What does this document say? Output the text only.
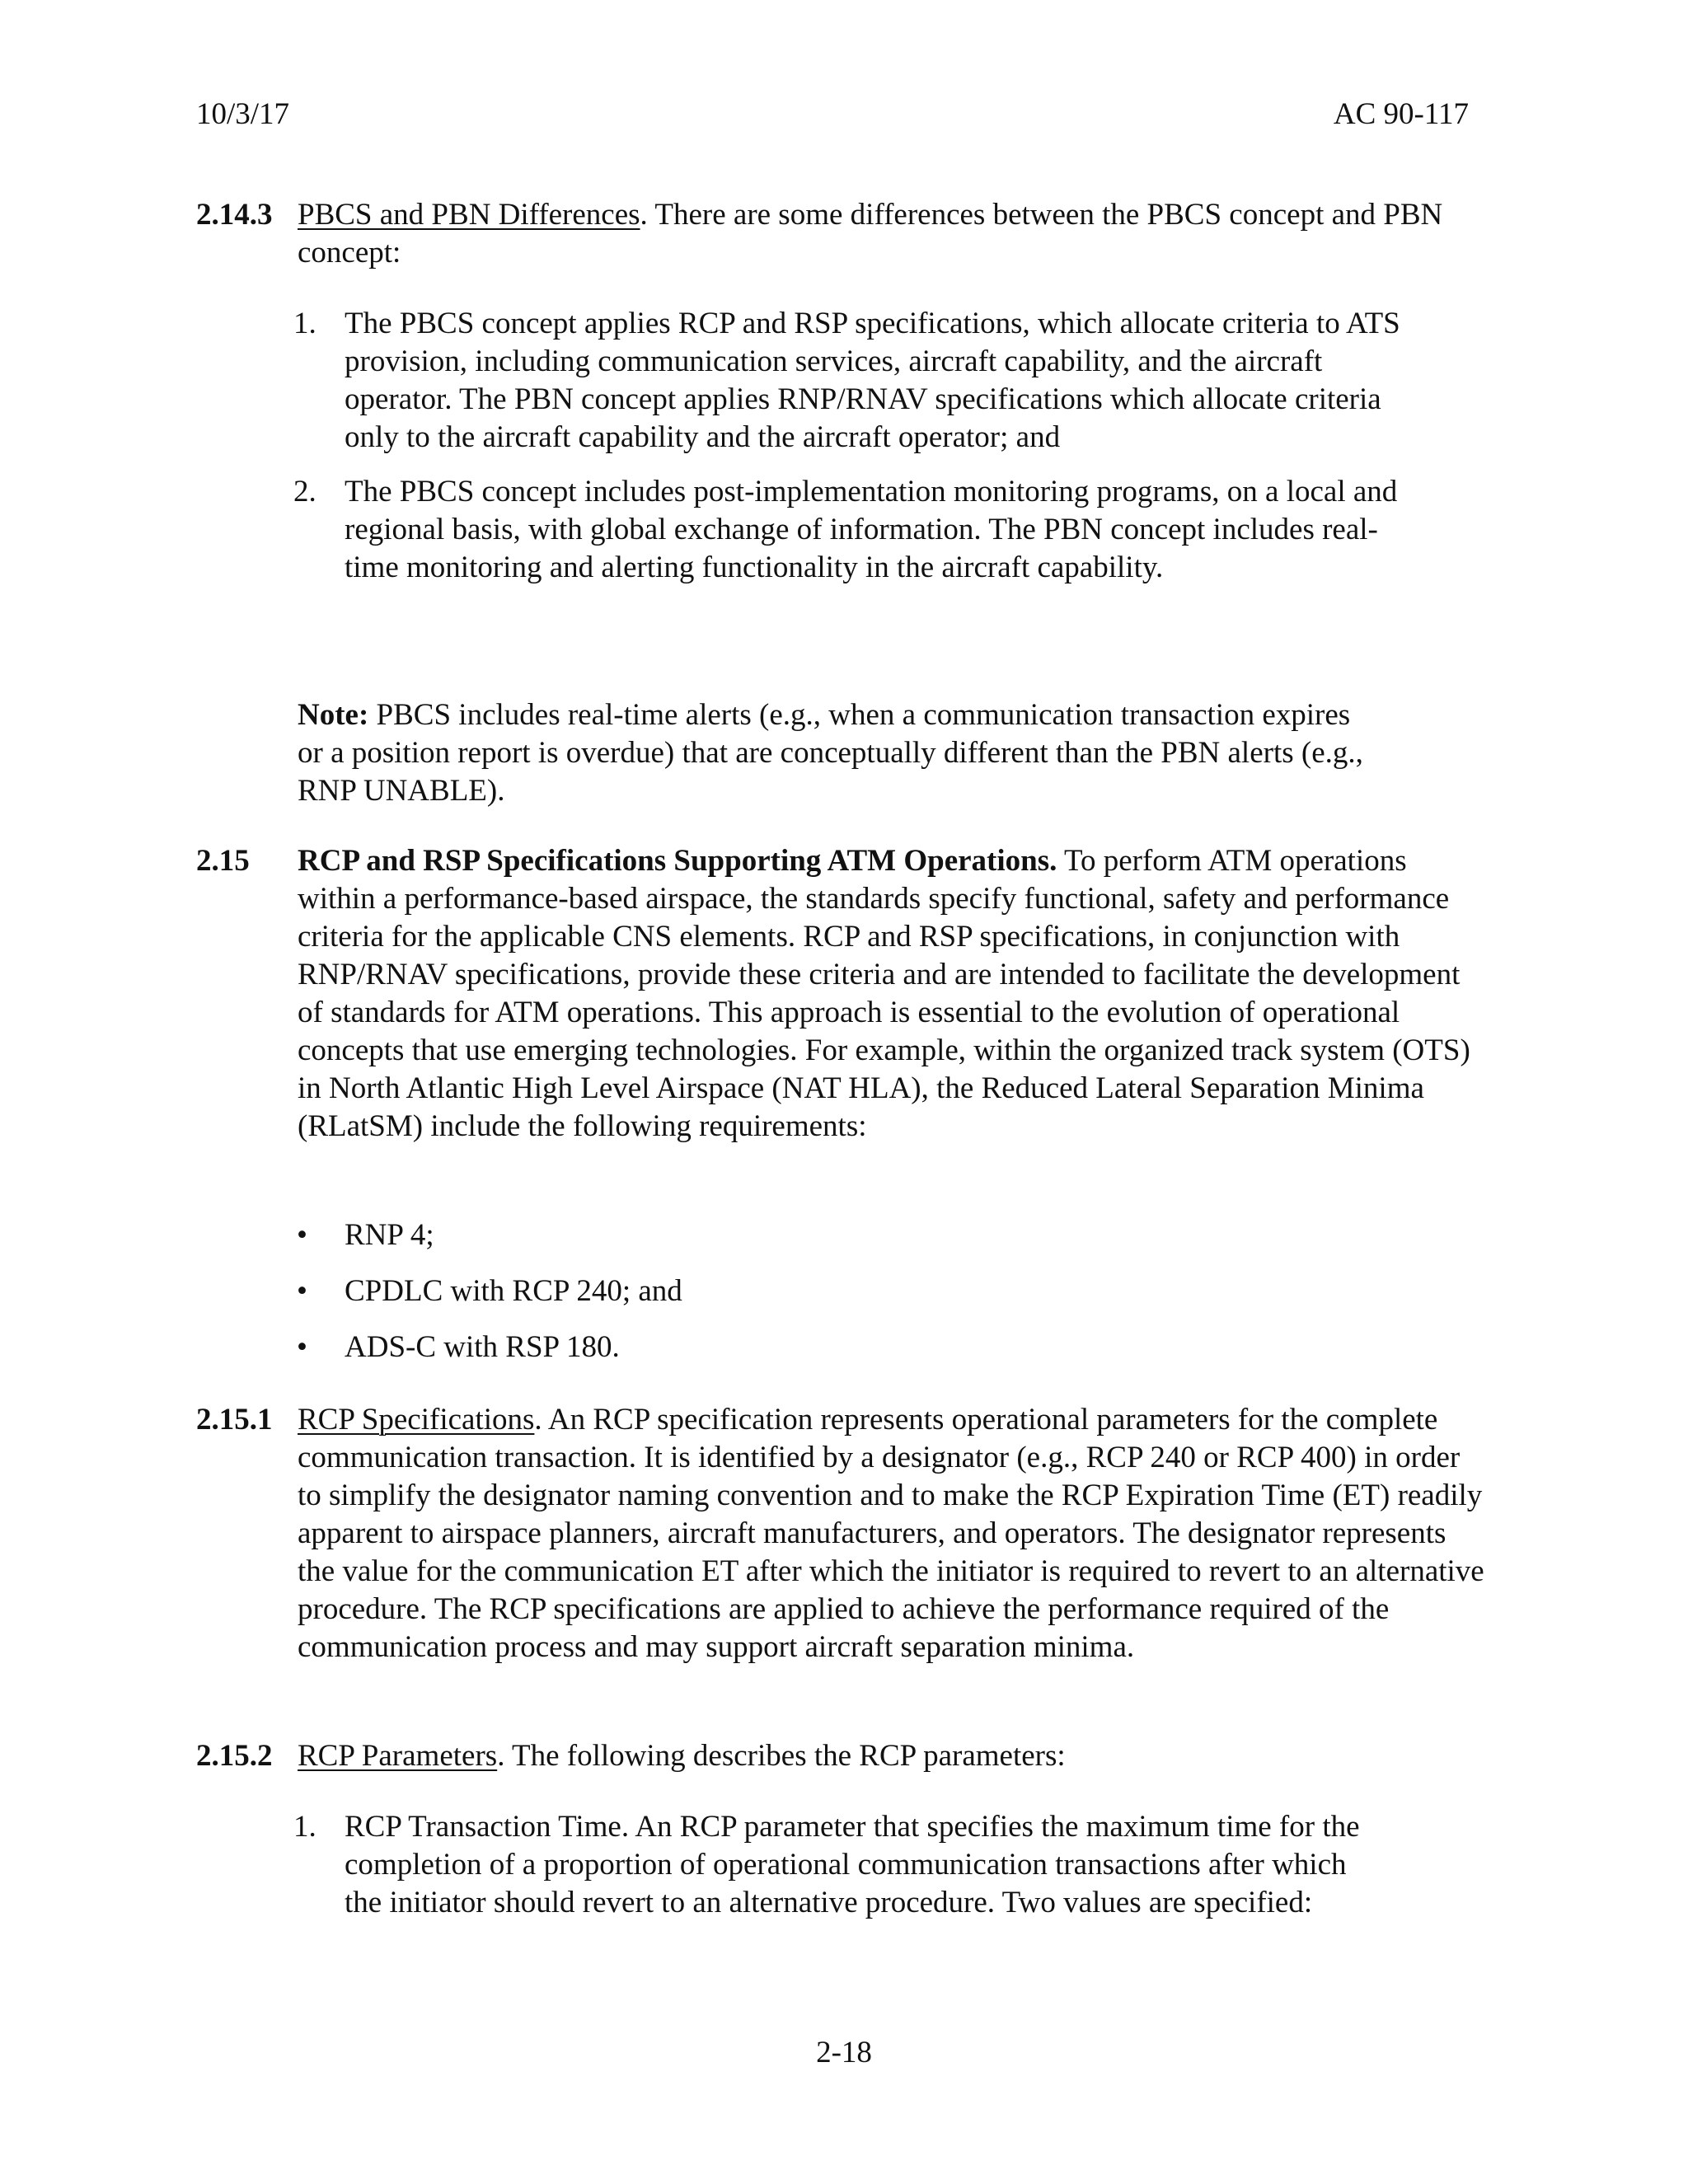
10/3/17	AC 90-117
2.14.3 PBCS and PBN Differences. There are some differences between the PBCS concept and PBN concept:
1. The PBCS concept applies RCP and RSP specifications, which allocate criteria to ATS provision, including communication services, aircraft capability, and the aircraft operator. The PBN concept applies RNP/RNAV specifications which allocate criteria only to the aircraft capability and the aircraft operator; and
2. The PBCS concept includes post-implementation monitoring programs, on a local and regional basis, with global exchange of information. The PBN concept includes real-time monitoring and alerting functionality in the aircraft capability.
Note: PBCS includes real-time alerts (e.g., when a communication transaction expires or a position report is overdue) that are conceptually different than the PBN alerts (e.g., RNP UNABLE).
2.15 RCP and RSP Specifications Supporting ATM Operations. To perform ATM operations within a performance-based airspace, the standards specify functional, safety and performance criteria for the applicable CNS elements. RCP and RSP specifications, in conjunction with RNP/RNAV specifications, provide these criteria and are intended to facilitate the development of standards for ATM operations. This approach is essential to the evolution of operational concepts that use emerging technologies. For example, within the organized track system (OTS) in North Atlantic High Level Airspace (NAT HLA), the Reduced Lateral Separation Minima (RLatSM) include the following requirements:
• RNP 4;
• CPDLC with RCP 240; and
• ADS-C with RSP 180.
2.15.1 RCP Specifications. An RCP specification represents operational parameters for the complete communication transaction. It is identified by a designator (e.g., RCP 240 or RCP 400) in order to simplify the designator naming convention and to make the RCP Expiration Time (ET) readily apparent to airspace planners, aircraft manufacturers, and operators. The designator represents the value for the communication ET after which the initiator is required to revert to an alternative procedure. The RCP specifications are applied to achieve the performance required of the communication process and may support aircraft separation minima.
2.15.2 RCP Parameters. The following describes the RCP parameters:
1. RCP Transaction Time. An RCP parameter that specifies the maximum time for the completion of a proportion of operational communication transactions after which the initiator should revert to an alternative procedure. Two values are specified:
2-18
